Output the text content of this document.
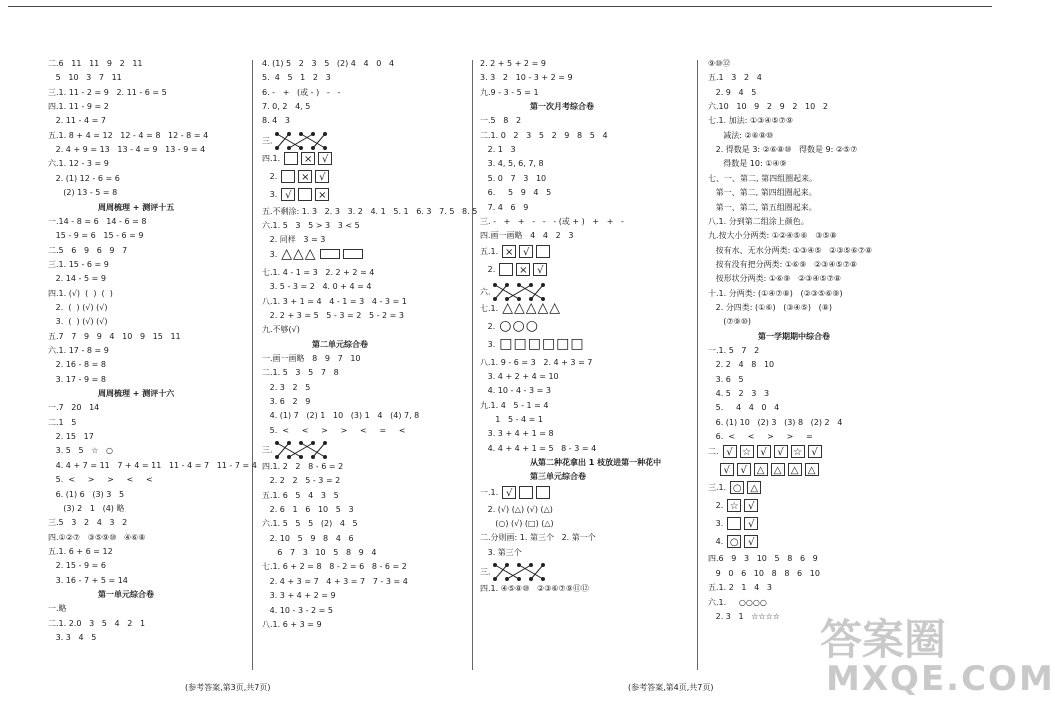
二.6   11   11   9   2   11
5   10   3   7   11
三.1. 11 - 2 = 9   2. 11 - 6 = 5
四.1. 11 - 9 = 2
2. 11 - 4 = 7
五.1. 8 + 4 = 12   12 - 4 = 8   12 - 8 = 4
2. 4 + 9 = 13   13 - 4 = 9   13 - 9 = 4
六.1. 12 - 3 = 9
2. (1) 12 - 6 = 6
(2) 13 - 5 = 8
周周梳理 + 测评十五
一.14 - 8 = 6   14 - 6 = 8
15 - 9 = 6   15 - 6 = 9
二.5   6   9   6   9   7
三.1. 15 - 6 = 9
2. 14 - 5 = 9
四.1. (√)  (  )  (  )
2.  (  ) (√) (√)
3.  (  ) (√) (√)
五.7   7   9   9   4   10   9   15   11
六.1. 17 - 8 = 9
2. 16 - 8 = 8
3. 17 - 9 = 8
周周梳理 + 测评十六
一.7   20   14
二.1   5
2. 15   17
3. 5   5   ☆   ○
4. 4 + 7 = 11   7 + 4 = 11   11 - 4 = 7   11 - 7 = 4
5.  <     >     >     <     <
6. (1) 6   (3) 3   5
(3) 2   1   (4) 略
三.5   3   2   4   3   2
四.①②⑦   ③⑤⑨⑩   ④⑥⑧
五.1. 6 + 6 = 12
2. 15 - 9 = 6
3. 16 - 7 + 5 = 14
第一单元综合卷
一.略
二.1. 2.0   3   5   4   2   1
3. 3   4   5
4. (1) 5   2   3   5   (2) 4   4   0   4
5.  4   5   1   2   3
6. -   +   (或 - )   -   -
7. 0, 2   4, 5
8. 4   3
三.
四.1. × √
2. × √
3. √	×
五.不剩涂: 1. 3   2. 3   3. 2   4. 1   5. 1   6. 3   7. 5   8. 5
六.1. 5   3   5 > 3   3 < 5
2. 同样   3 = 3
3. △△△
七.1. 4 - 1 = 3   2. 2 + 2 = 4
3. 5 - 3 = 2   4. 0 + 4 = 4
八.1. 3 + 1 = 4   4 - 1 = 3   4 - 3 = 1
2. 2 + 3 = 5   5 - 3 = 2   5 - 2 = 3
九.不够(√)
第二单元综合卷
一.画一画略   8   9   7   10
二.1. 5   3   5   7   8
2. 3   2   5
3. 6   2   9
4. (1) 7   (2) 1   10   (3) 1   4   (4) 7, 8
5.  <     <     >     >     <     =     <
三.
四.1. 2   2   8 - 6 = 2
2. 2   2   5 - 3 = 2
五.1. 6   5   4   3   5
2. 6   1   6   10   5   3
六.1. 5   5   5   (2)   4   5
2. 10   5   9   8   4   6
6   7   3   10   5   8   9   4
七.1. 6 + 2 = 8   8 - 2 = 6   8 - 6 = 2
2. 4 + 3 = 7   4 + 3 = 7   7 - 3 = 4
3. 3 + 4 + 2 = 9
4. 10 - 3 - 2 = 5
八.1. 6 + 3 = 9
2. 2 + 5 + 2 = 9
3. 3   2   10 - 3 + 2 = 9
九.9 - 3 - 5 = 1
第一次月考综合卷
一.5   8   2
二.1. 0   2   3   5   2   9   8   5   4
2. 1   3
3. 4, 5, 6, 7, 8
5. 0   7   3   10
6.     5   9   4   5
7. 4   6   9
三. -   +   +   -   -   - (或 + )   +   +   -
四.画一画略   4   4   2   3
五.1. × √
2. × √
六.
七.1. △△△△△
2. ○○○
3. □□□□□□
八.1. 9 - 6 = 3   2. 4 + 3 = 7
3. 4 + 2 + 4 = 10
4. 10 - 4 - 3 = 3
九.1. 4   5 - 1 = 4
1   5 - 4 = 1
3. 3 + 4 + 1 = 8
4. 4 + 4 + 1 = 5   8 - 3 = 4
从第二种花拿出 1 枝放进第一种花中
第三单元综合卷
一.1. √
2. (√) (△) (√) (△)
(○) (√) (□) (△)
二.分则画: 1. 第三个   2. 第一个
3. 第三个
三.
四.1. ④⑤⑧⑩   ②③⑥⑦⑨⑪⑫
⑨⑩⑫
五.1   3   2   4
2. 9   4   5
六.10   10   9   2   9   2   10   2
七.1. 加法: ①③④⑤⑦⑨
减法: ②⑥⑧⑩
2. 得数是 3: ②⑥⑧⑩   得数是 9: ②⑤⑦
得数是 10: ①④⑨
七、一、第二, 第四组圈起来。
第一、第二, 第四组圈起来。
第一、第二, 第五组圈起来。
八.1. 分到第二组涂上颜色。
九.按大小分两类: ①②④⑤⑥   ③⑤⑧
按有水、无水分两类: ①③④⑤   ②③⑤⑥⑦⑧
按有没有把分两类: ①⑥⑨   ②③④⑤⑦⑧
按形状分两类: ①⑥⑨   ②③④⑤⑦⑧
十.1. 分两类: (①④⑦⑧)   (②③⑤⑥⑨)
2. 分四类: (①⑥)   (③④⑤)   (⑧)
(⑦⑨⑩)
第一学期期中综合卷
一.1. 5   7   2
2. 2   4   8   10
3. 6   5
4. 5   2   3   3
5.     4   4   0   4
6. (1) 10   (2) 3   (3) 8   (2) 2   4
6.  <     <     >     >     =
二. √ ☆ √	√ ☆ √

√	√ △ △ △ △
三.1. ○ △
2. ☆ √
3.	√
4. ○ √
四.6   9   3   10   5   8   6   9
9   0   6   10   8   8   6   10
五.1. 2   1   4   3
六.1.     ○○○○
2. 3   1   ☆☆☆☆
(参考答案,第3页,共7页)	(参考答案,第4页,共7页)
答案圈
MXQE.COM
